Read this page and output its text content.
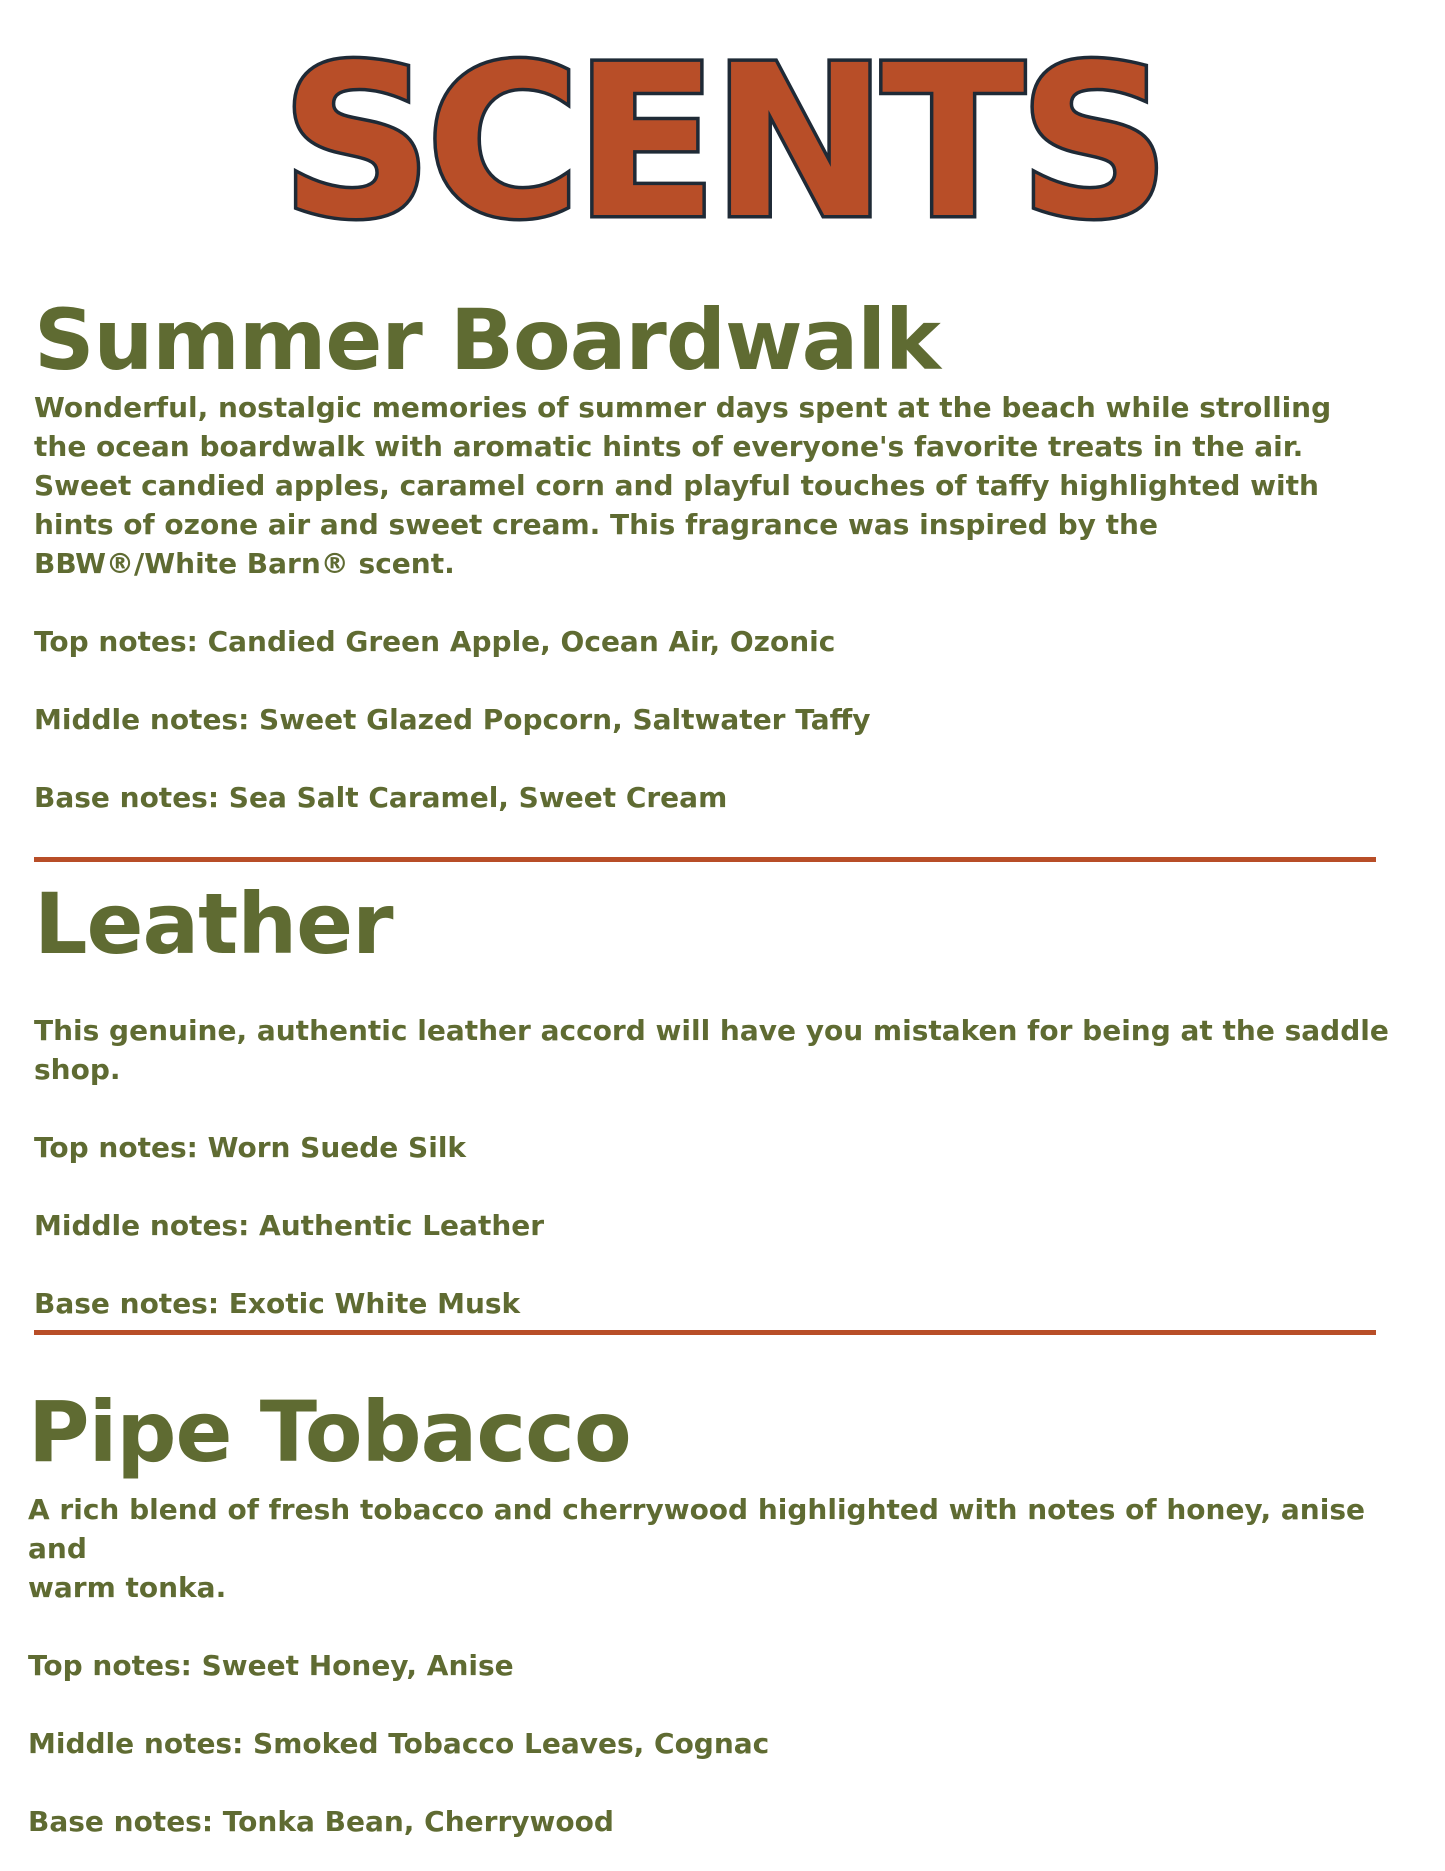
SCENTS
Summer Boardwalk

Wonderful, nostalgic memories of summer days spent at the beach while strolling

the ocean boardwalk with aromatic hints of everyone's favorite treats in the air.

Sweet candied apples, caramel corn and playful touches of taffy highlighted with

hints of ozone air and sweet cream. This fragrance was inspired by the

BBW®/White Barn® scent.

Top notes: Candied Green Apple, Ocean Air, Ozonic

Middle notes: Sweet Glazed Popcorn, Saltwater Taffy

Base notes: Sea Salt Caramel, Sweet Cream

Leather

This genuine, authentic leather accord will have you mistaken for being at the saddle shop.

Top notes: Worn Suede Silk

Middle notes: Authentic Leather

Base notes: Exotic White Musk

Pipe Tobacco

A rich blend of fresh tobacco and cherrywood highlighted with notes of honey, anise and

warm tonka.

Top notes: Sweet Honey, Anise

Middle notes: Smoked Tobacco Leaves, Cognac

Base notes: Tonka Bean, Cherrywood
